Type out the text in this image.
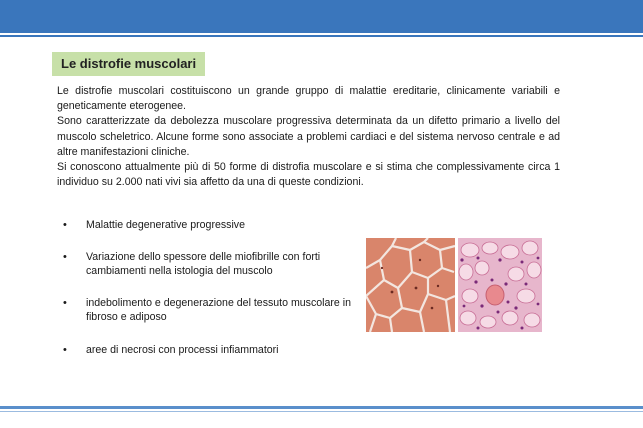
Le distrofie muscolari

Le distrofie muscolari costituiscono un grande gruppo di malattie ereditarie, clinicamente variabili e geneticamente eterogenee.

Sono caratterizzate da debolezza muscolare progressiva determinata da un difetto primario a livello del muscolo scheletrico. Alcune forme sono associate a problemi cardiaci e del sistema nervoso centrale e ad altre manifestazioni cliniche.

Si conoscono attualmente più di 50 forme di distrofia muscolare e si stima che complessivamente circa 1 individuo su 2.000 nati vivi sia affetto da una di queste condizioni.

• Malattie degenerative progressive
• Variazione dello spessore delle miofibrille con forti cambiamenti nella istologia del muscolo
• indebolimento e degenerazione del tessuto muscolare in fibroso e adiposo
• aree di necrosi con processi infiammatori
